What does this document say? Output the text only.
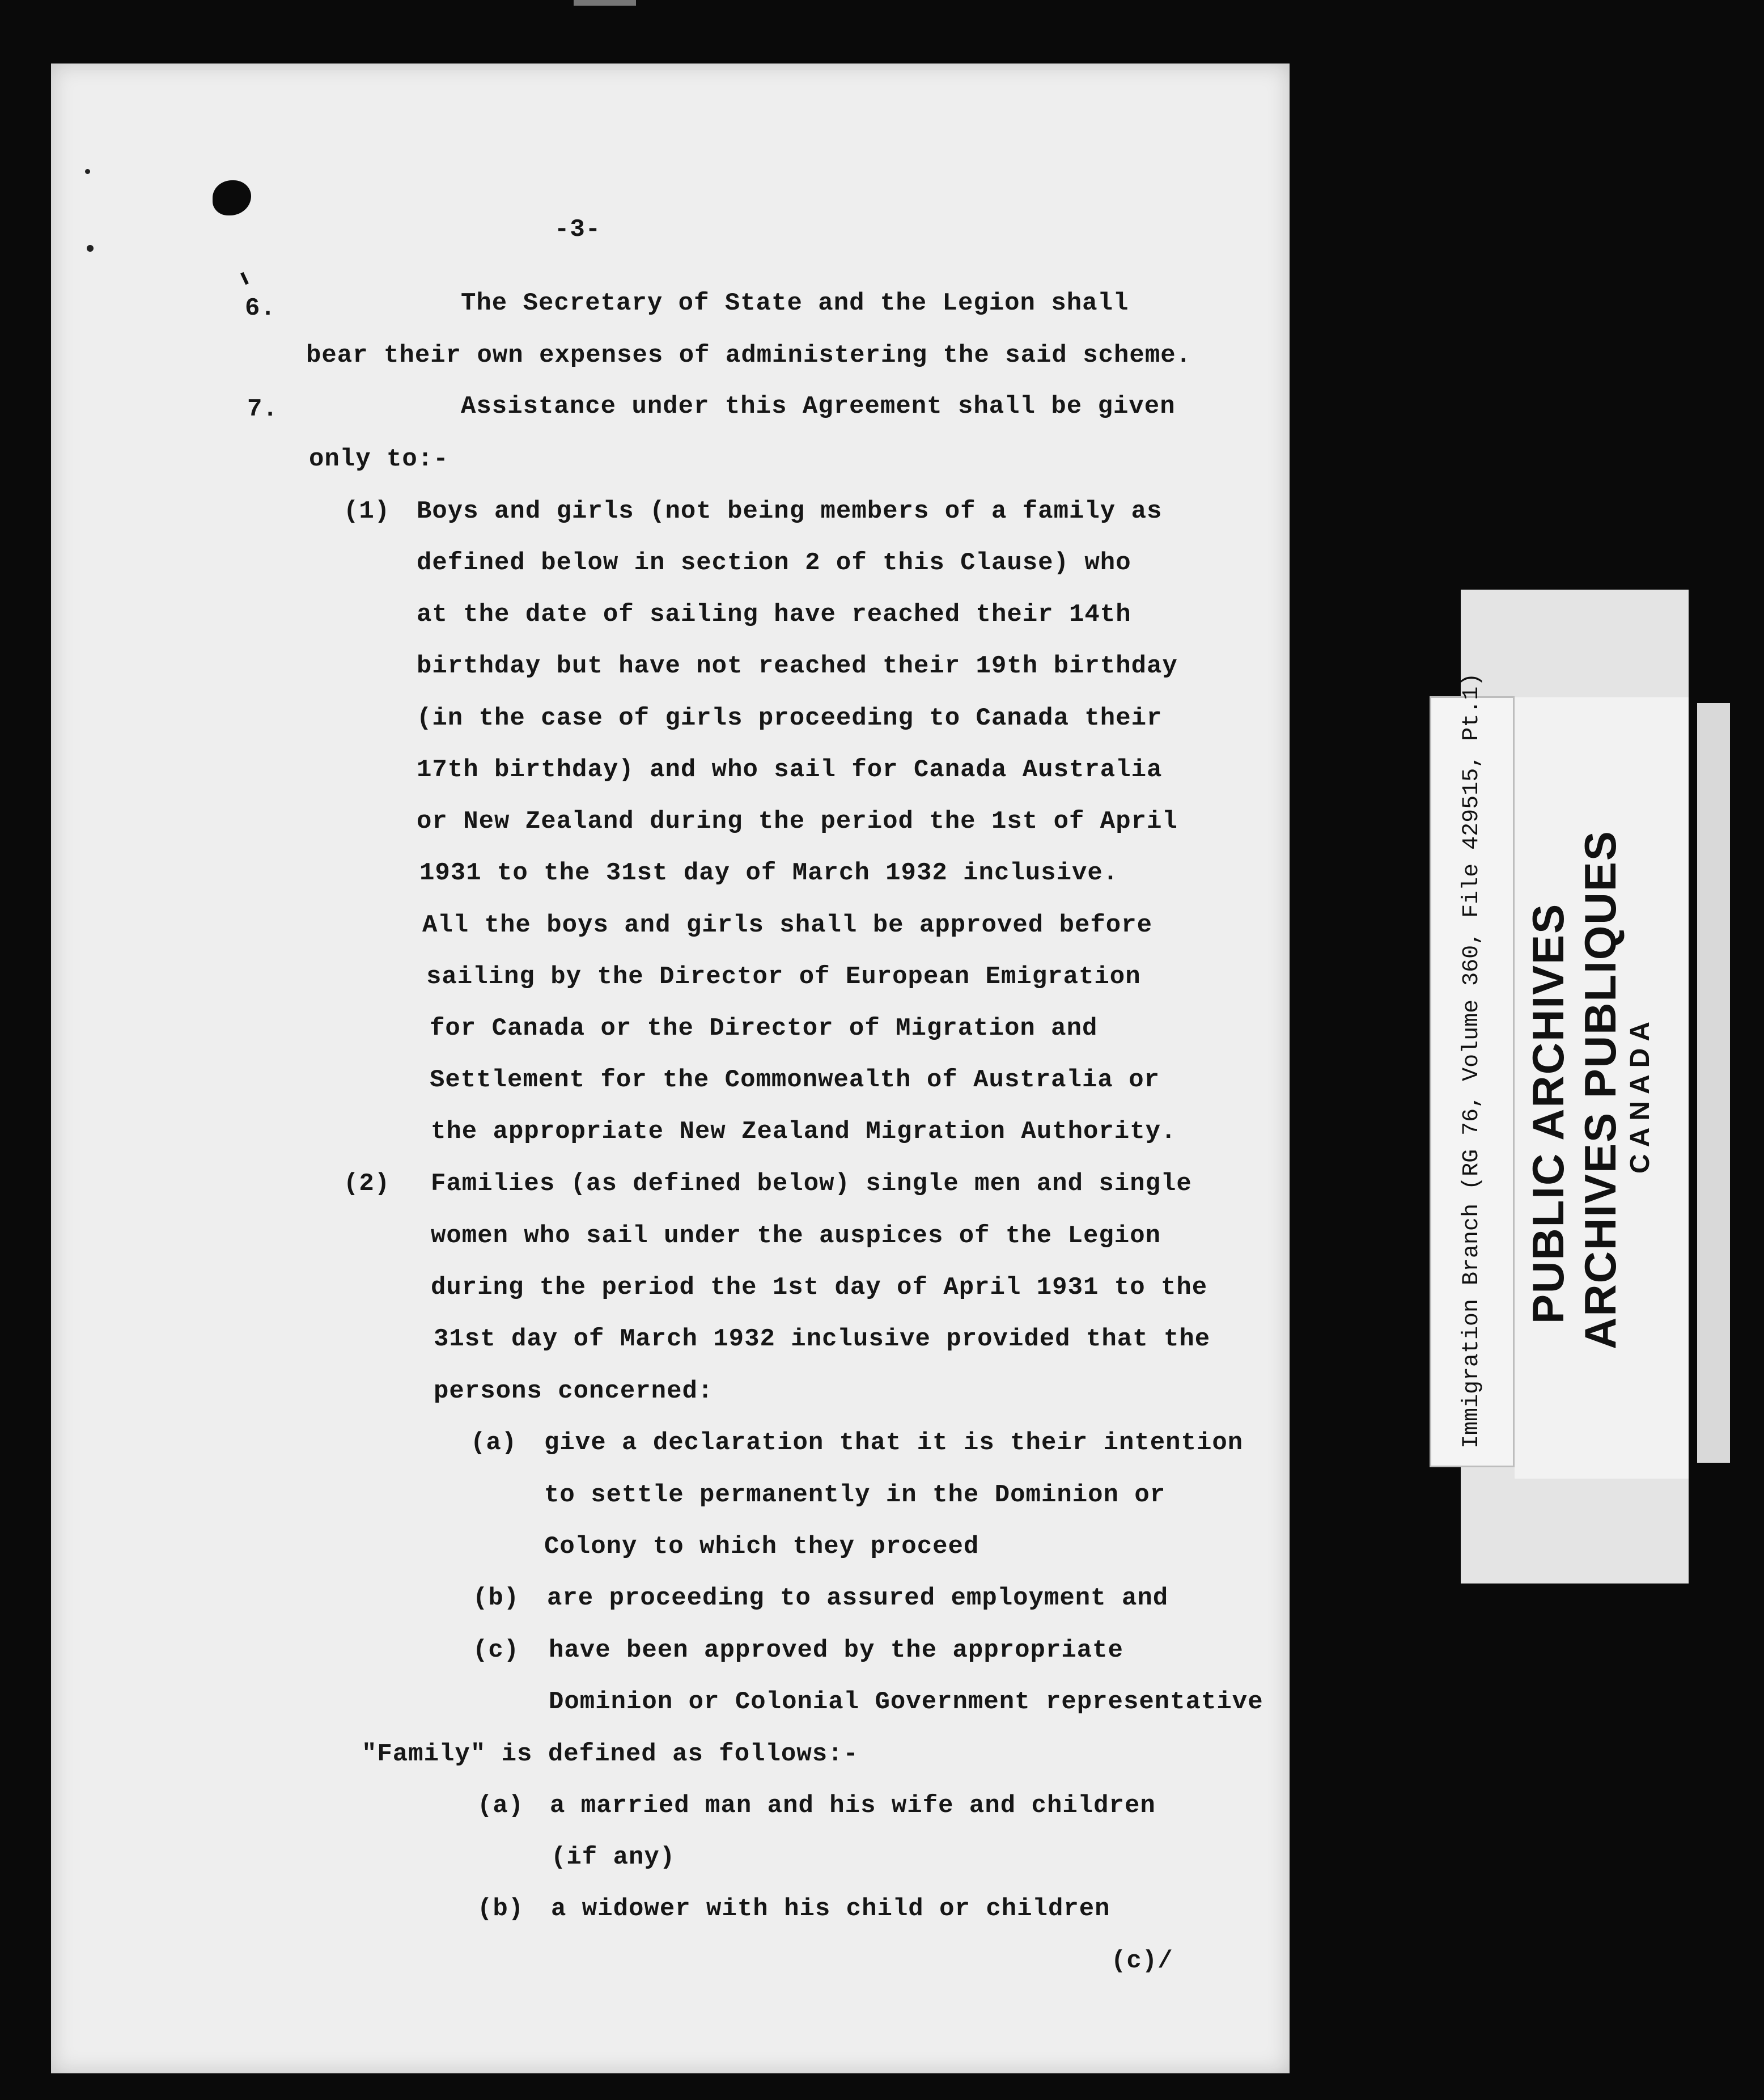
-3-
6.	The Secretary of State and the Legion shall
bear their own expenses of administering the said scheme.
7.	Assistance under this Agreement shall be given
only to:-
(1) Boys and girls (not being members of a family as
defined below in section 2 of this Clause) who
at the date of sailing have reached their 14th
birthday but have not reached their 19th birthday
(in the case of girls proceeding to Canada their
17th birthday) and who sail for Canada Australia
or New Zealand during the period the 1st of April
1931 to the 31st day of March 1932 inclusive.
All the boys and girls shall be approved before
sailing by the Director of European Emigration
for Canada or the Director of Migration and
Settlement for the Commonwealth of Australia or
the appropriate New Zealand Migration Authority.
(2) Families (as defined below) single men and single
women who sail under the auspices of the Legion
during the period the 1st day of April 1931 to the
31st day of March 1932 inclusive provided that the
persons concerned:
(a) give a declaration that it is their intention
to settle permanently in the Dominion or
Colony to which they proceed
(b) are proceeding to assured employment and
(c) have been approved by the appropriate
Dominion or Colonial Government representative
"Family" is defined as follows:-
(a) a married man and his wife and children
(if any)
(b) a widower with his child or children
(c)/
Immigration Branch (RG 76, Volume 360, File 429515, Pt.1) PUBLIC ARCHIVES ARCHIVES PUBLIQUES CANADA
